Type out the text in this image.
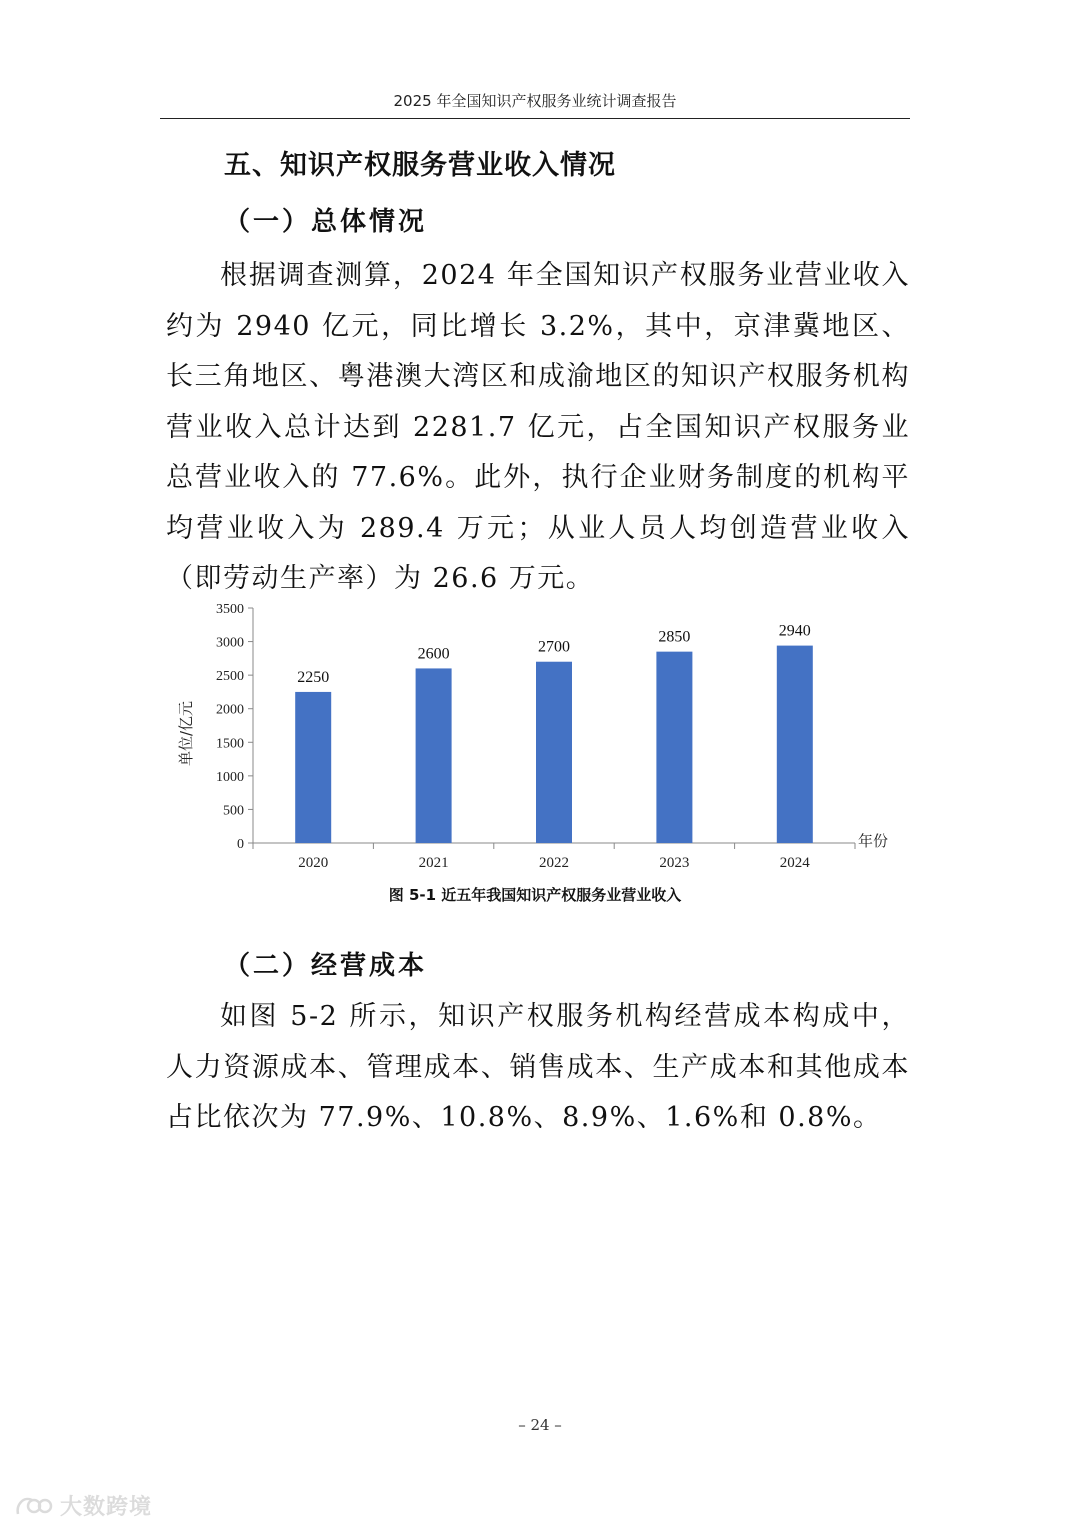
2025 年全国知识产权服务业统计调查报告
五、知识产权服务营业收入情况
（一）总体情况
根据调查测算，2024 年全国知识产权服务业营业收入约为 2940 亿元，同比增长 3.2%，其中，京津冀地区、长三角地区、粤港澳大湾区和成渝地区的知识产权服务机构营业收入总计达到 2281.7 亿元，占全国知识产权服务业总营业收入的 77.6%。此外，执行企业财务制度的机构平均营业收入为 289.4 万元；从业人员人均创造营业收入（即劳动生产率）为 26.6 万元。
0
500
1000
1500
2000
2500
3000
3500
单位/亿元
年份
2250
2020
2600
2021
2700
2022
2850
2023
2940
2024
图 5-1 近五年我国知识产权服务业营业收入
（二）经营成本
如图 5-2 所示，知识产权服务机构经营成本构成中，人力资源成本、管理成本、销售成本、生产成本和其他成本占比依次为 77.9%、10.8%、8.9%、1.6%和 0.8%。
– 24 –
大数跨境
